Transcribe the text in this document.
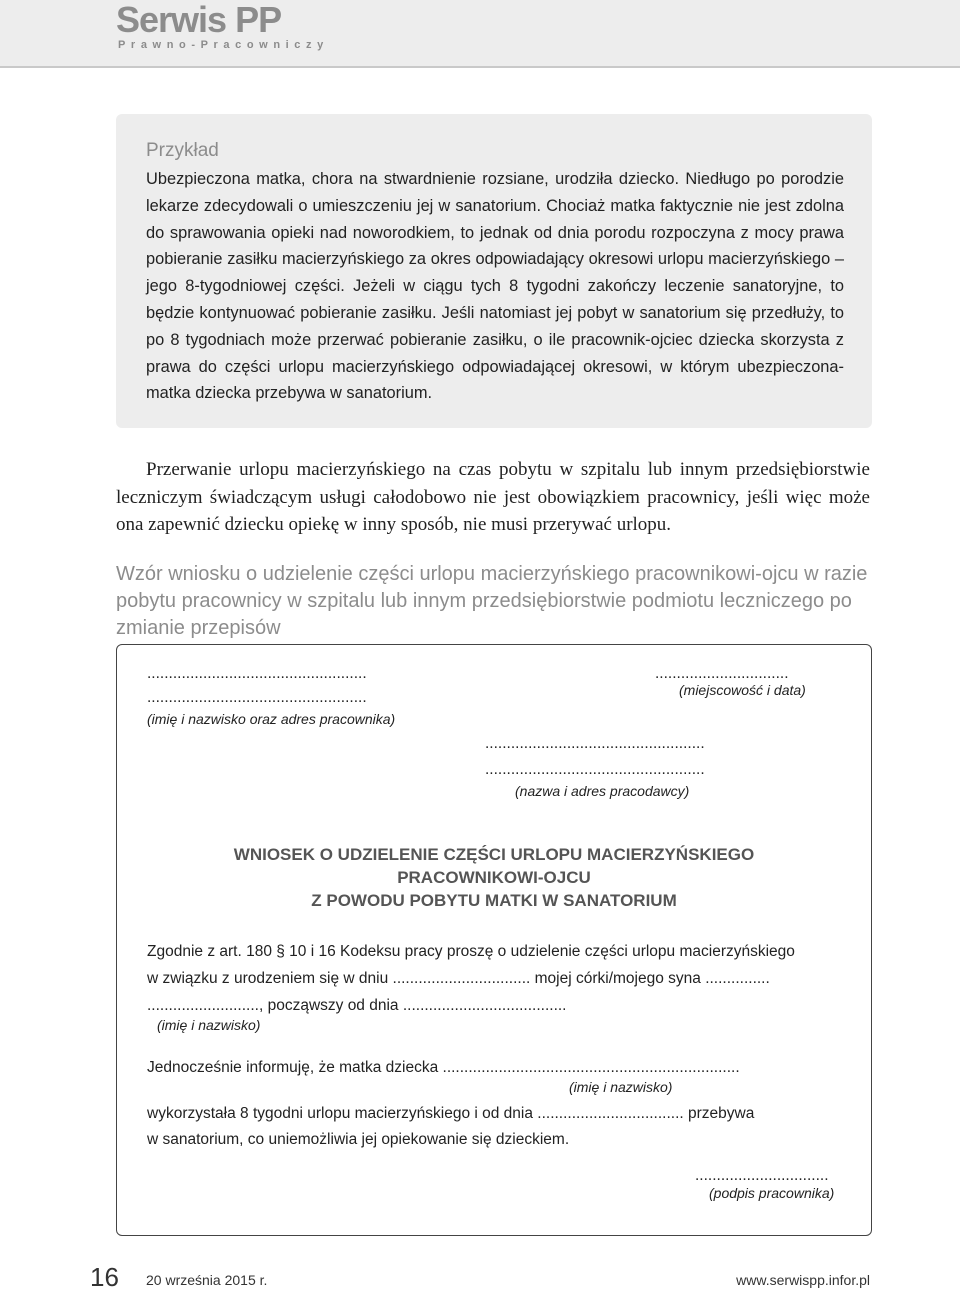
Serwis PP
Prawno-Pracowniczy
Przykład
Ubezpieczona matka, chora na stwardnienie rozsiane, urodziła dziecko. Niedługo po porodzie lekarze zdecydowali o umieszczeniu jej w sanatorium. Chociaż matka faktycznie nie jest zdolna do sprawowania opieki nad noworodkiem, to jednak od dnia porodu rozpoczyna z mocy prawa pobieranie zasiłku macierzyńskiego za okres odpowiadający okresowi urlopu macierzyńskiego – jego 8-tygodniowej części. Jeżeli w ciągu tych 8 tygodni zakończy leczenie sanatoryjne, to będzie kontynuować pobieranie zasiłku. Jeśli natomiast jej pobyt w sanatorium się przedłuży, to po 8 tygodniach może przerwać pobieranie zasiłku, o ile pracownik-ojciec dziecka skorzysta z prawa do części urlopu macierzyńskiego odpowiadającej okresowi, w którym ubezpieczona-matka dziecka przebywa w sanatorium.
Przerwanie urlopu macierzyńskiego na czas pobytu w szpitalu lub innym przedsiębiorstwie leczniczym świadczącym usługi całodobowo nie jest obowiązkiem pracownicy, jeśli więc może ona zapewnić dziecku opiekę w inny sposób, nie musi przerywać urlopu.
Wzór wniosku o udzielenie części urlopu macierzyńskiego pracownikowi-ojcu w razie pobytu pracownicy w szpitalu lub innym przedsiębiorstwie podmiotu leczniczego po zmianie przepisów
...................................................
...................................................
(imię i nazwisko oraz adres pracownika)
...............................
(miejscowość i data)
...................................................
...................................................
(nazwa i adres pracodawcy)
WNIOSEK O UDZIELENIE CZĘŚCI URLOPU MACIERZYŃSKIEGO
PRACOWNIKOWI-OJCU
Z POWODU POBYTU MATKI W SANATORIUM
Zgodnie z art. 180 § 10 i 16 Kodeksu pracy proszę o udzielenie części urlopu macierzyńskiego
w związku z urodzeniem się w dniu ................................ mojej córki/mojego syna ...............
.........................., począwszy od dnia ......................................
(imię i nazwisko)
Jednocześnie informuję, że matka dziecka .....................................................................
(imię i nazwisko)
wykorzystała 8 tygodni urlopu macierzyńskiego i od dnia .................................. przebywa
w sanatorium, co uniemożliwia jej opiekowanie się dzieckiem.
...............................
(podpis pracownika)
16 20 września 2015 r.	www.serwispp.infor.pl
